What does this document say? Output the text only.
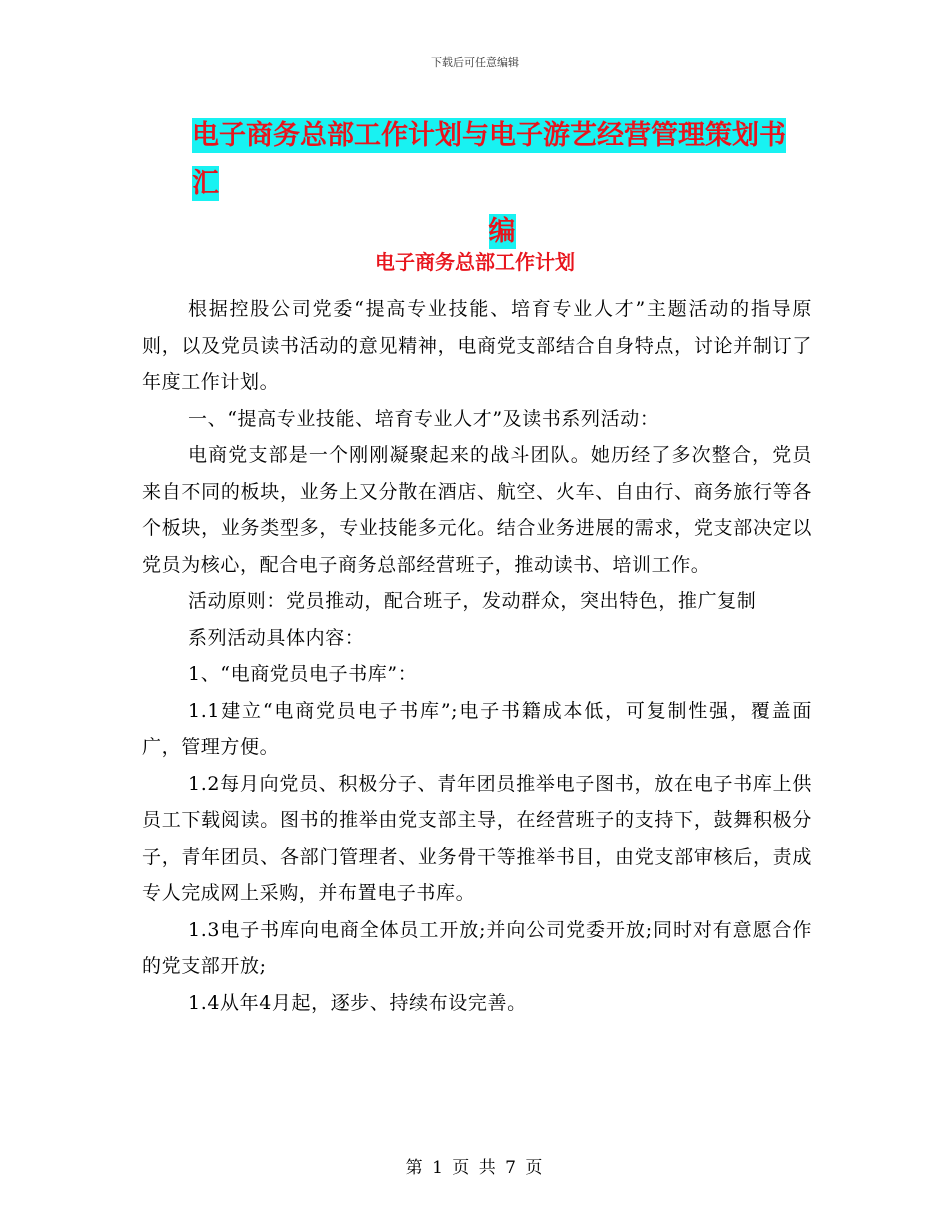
下载后可任意编辑
电子商务总部工作计划与电子游艺经营管理策划书汇
编
电子商务总部工作计划

根据控股公司党委“提高专业技能、培育专业人才”主题活动的指导原则，以及党员读书活动的意见精神，电商党支部结合自身特点，讨论并制订了年度工作计划。

一、“提高专业技能、培育专业人才”及读书系列活动：

电商党支部是一个刚刚凝聚起来的战斗团队。她历经了多次整合，党员来自不同的板块，业务上又分散在酒店、航空、火车、自由行、商务旅行等各个板块，业务类型多，专业技能多元化。结合业务进展的需求，党支部决定以党员为核心，配合电子商务总部经营班子，推动读书、培训工作。

活动原则：党员推动，配合班子，发动群众，突出特色，推广复制

系列活动具体内容：

1、“电商党员电子书库”：

1.1建立“电商党员电子书库”;电子书籍成本低，可复制性强，覆盖面广，管理方便。

1.2每月向党员、积极分子、青年团员推举电子图书，放在电子书库上供员工下载阅读。图书的推举由党支部主导，在经营班子的支持下，鼓舞积极分子，青年团员、各部门管理者、业务骨干等推举书目，由党支部审核后，责成专人完成网上采购，并布置电子书库。

1.3电子书库向电商全体员工开放;并向公司党委开放;同时对有意愿合作的党支部开放;

1.4从年4月起，逐步、持续布设完善。

第 1 页 共 7 页
